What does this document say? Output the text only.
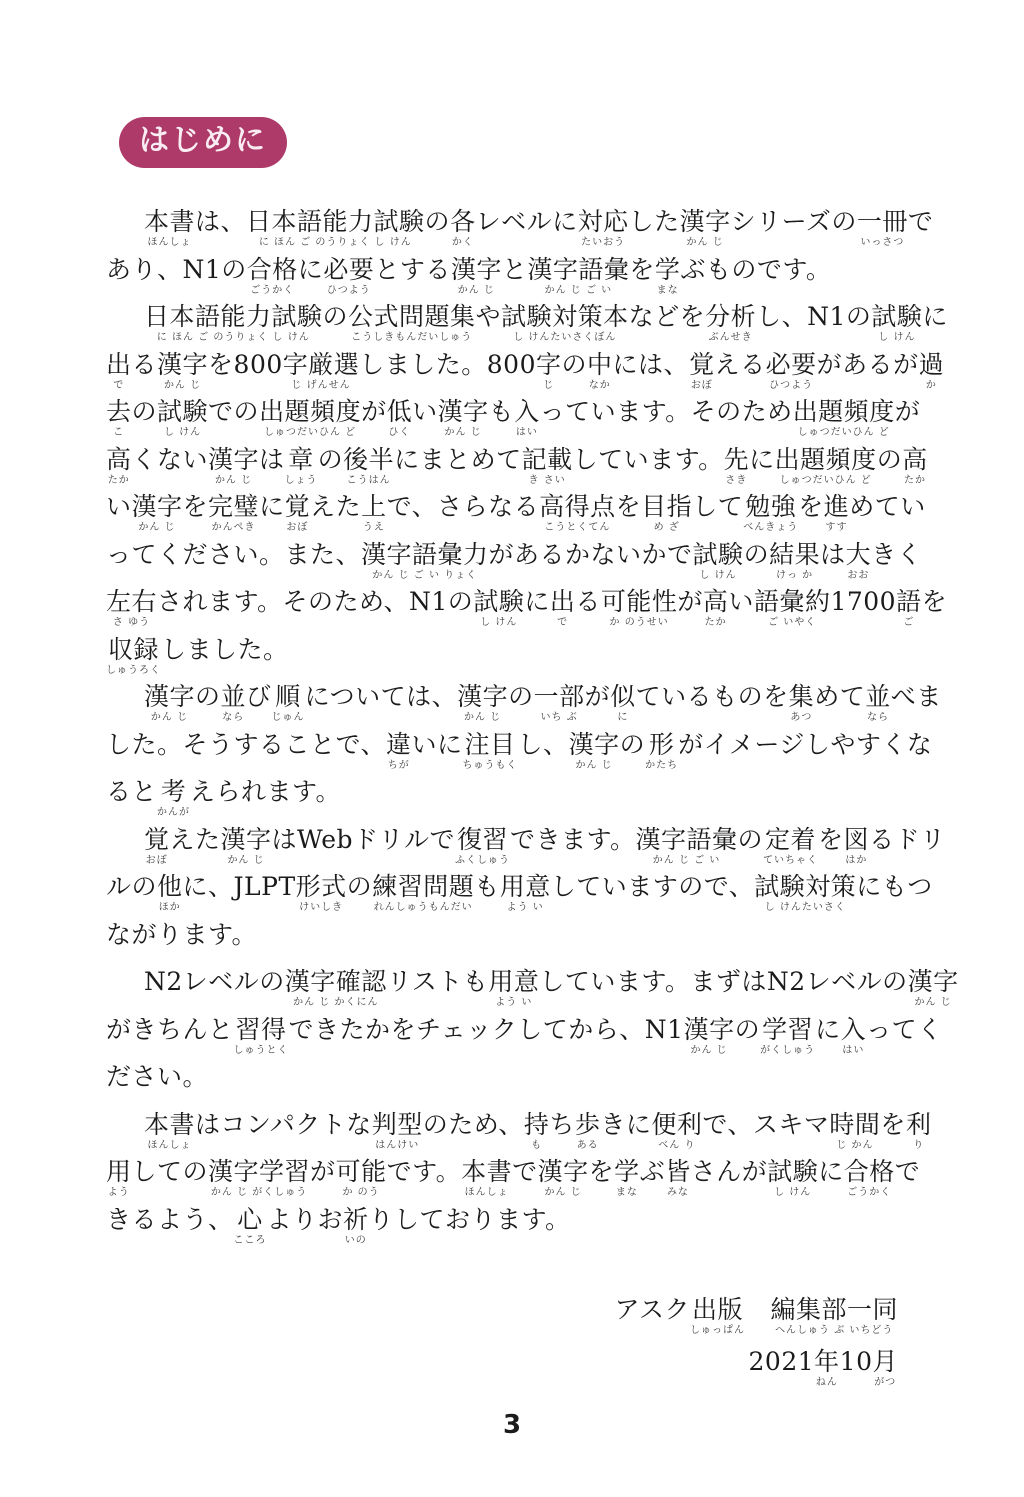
はじめに
本書
ほんしょ
は、 日本語能力試験
に ほん ご のうりょく し けん
の 各
かく
レベルに 対応
たいおう
した 漢字
かん じ
シリーズの 一冊
いっさつ
で
あり、N1の 合格
ごうかく
に 必要
ひつよう
とする 漢字
かん じ
と 漢字語彙
かん じ ご い
を 学
まな
ぶものです。
日本語能力試験
に ほん ご のうりょく し けん
の 公式問題集
こうしきもんだいしゅう
や 試験対策本
し けんたいさくぼん
などを 分析
ぶんせき
し、N1の 試験
し けん
に
出
で
る 漢字
かん じ
を800 字厳選
じ げんせん
しました。800 字
じ
の 中
なか
には、 覚
おぼ
える 必要
ひつよう
があるが 過
か
去
こ
の 試験
し けん
での 出題頻度
しゅつだいひん ど
が 低
ひく
い 漢字
かん じ
も 入
はい
っています。そのため 出題頻度
しゅつだいひん ど
が
高
たか
くない 漢字
かん じ
は 章
しょう
の 後半
こうはん
にまとめて 記載
き さい
しています。 先
さき
に 出題頻度
しゅつだいひん ど
の 高
たか
い 漢字
かん じ
を 完璧
かんぺき
に 覚
おぼ
えた 上
うえ
で、さらなる 高得点
こうとくてん
を 目指
め ざ
して 勉強
べんきょう
を 進
すす
めてい
ってください。また、 漢字語彙力
かん じ ご い りょく
があるかないかで 試験
し けん
の 結果
けっ か
は 大
おお
きく
左右
さ ゆう
されます。そのため、N1の 試験
し けん
に 出
で
る 可能性
か のうせい
が 高
たか
い 語彙約
ご いやく
1700 語
ご
を
収録
しゅうろく
しました。
漢字
かん じ
の 並
なら
び 順
じゅん
については、 漢字
かん じ
の 一部
いち ぶ
が 似
に
ているものを 集
あつ
めて 並
なら
べま
した。そうすることで、 違
ちが
いに 注目
ちゅうもく
し、 漢字
かん じ
の 形
かたち
がイメージしやすくな
ると 考
かんが
えられます。
覚
おぼ
えた 漢字
かん じ
はWebドリルで 復習
ふくしゅう
できます。 漢字語彙
かん じ ご い
の 定着
ていちゃく
を 図
はか
るドリ
ルの 他
ほか
に、JLPT 形式
けいしき
の 練習問題
れんしゅうもんだい
も 用意
よう い
していますので、 試験対策
し けんたいさく
にもつ
ながります。
N2レベルの 漢字確認
かん じ かくにん
リストも 用意
よう い
しています。まずはN2レベルの 漢字
かん じ
がきちんと 習得
しゅうとく
できたかをチェックしてから、N1 漢字
かん じ
の 学習
がくしゅう
に 入
はい
ってく
ださい。
本書
ほんしょ
はコンパクトな 判型
はんけい
のため、 持
も
ち 歩
ある
きに 便利
べん り
で、スキマ 時間
じ かん
を 利
り
用
よう
しての 漢字学習
かん じ がくしゅう
が 可能
か のう
です。 本書
ほんしょ
で 漢字
かん じ
を 学
まな
ぶ 皆
みな
さんが 試験
し けん
に 合格
ごうかく
で
きるよう、 心
こころ
よりお 祈
いの
りしております。
アスク 出版
しゅっぱん

編集部一同
へんしゅう ぶ いちどう
2021 年
ねん
10 月
がつ
3
